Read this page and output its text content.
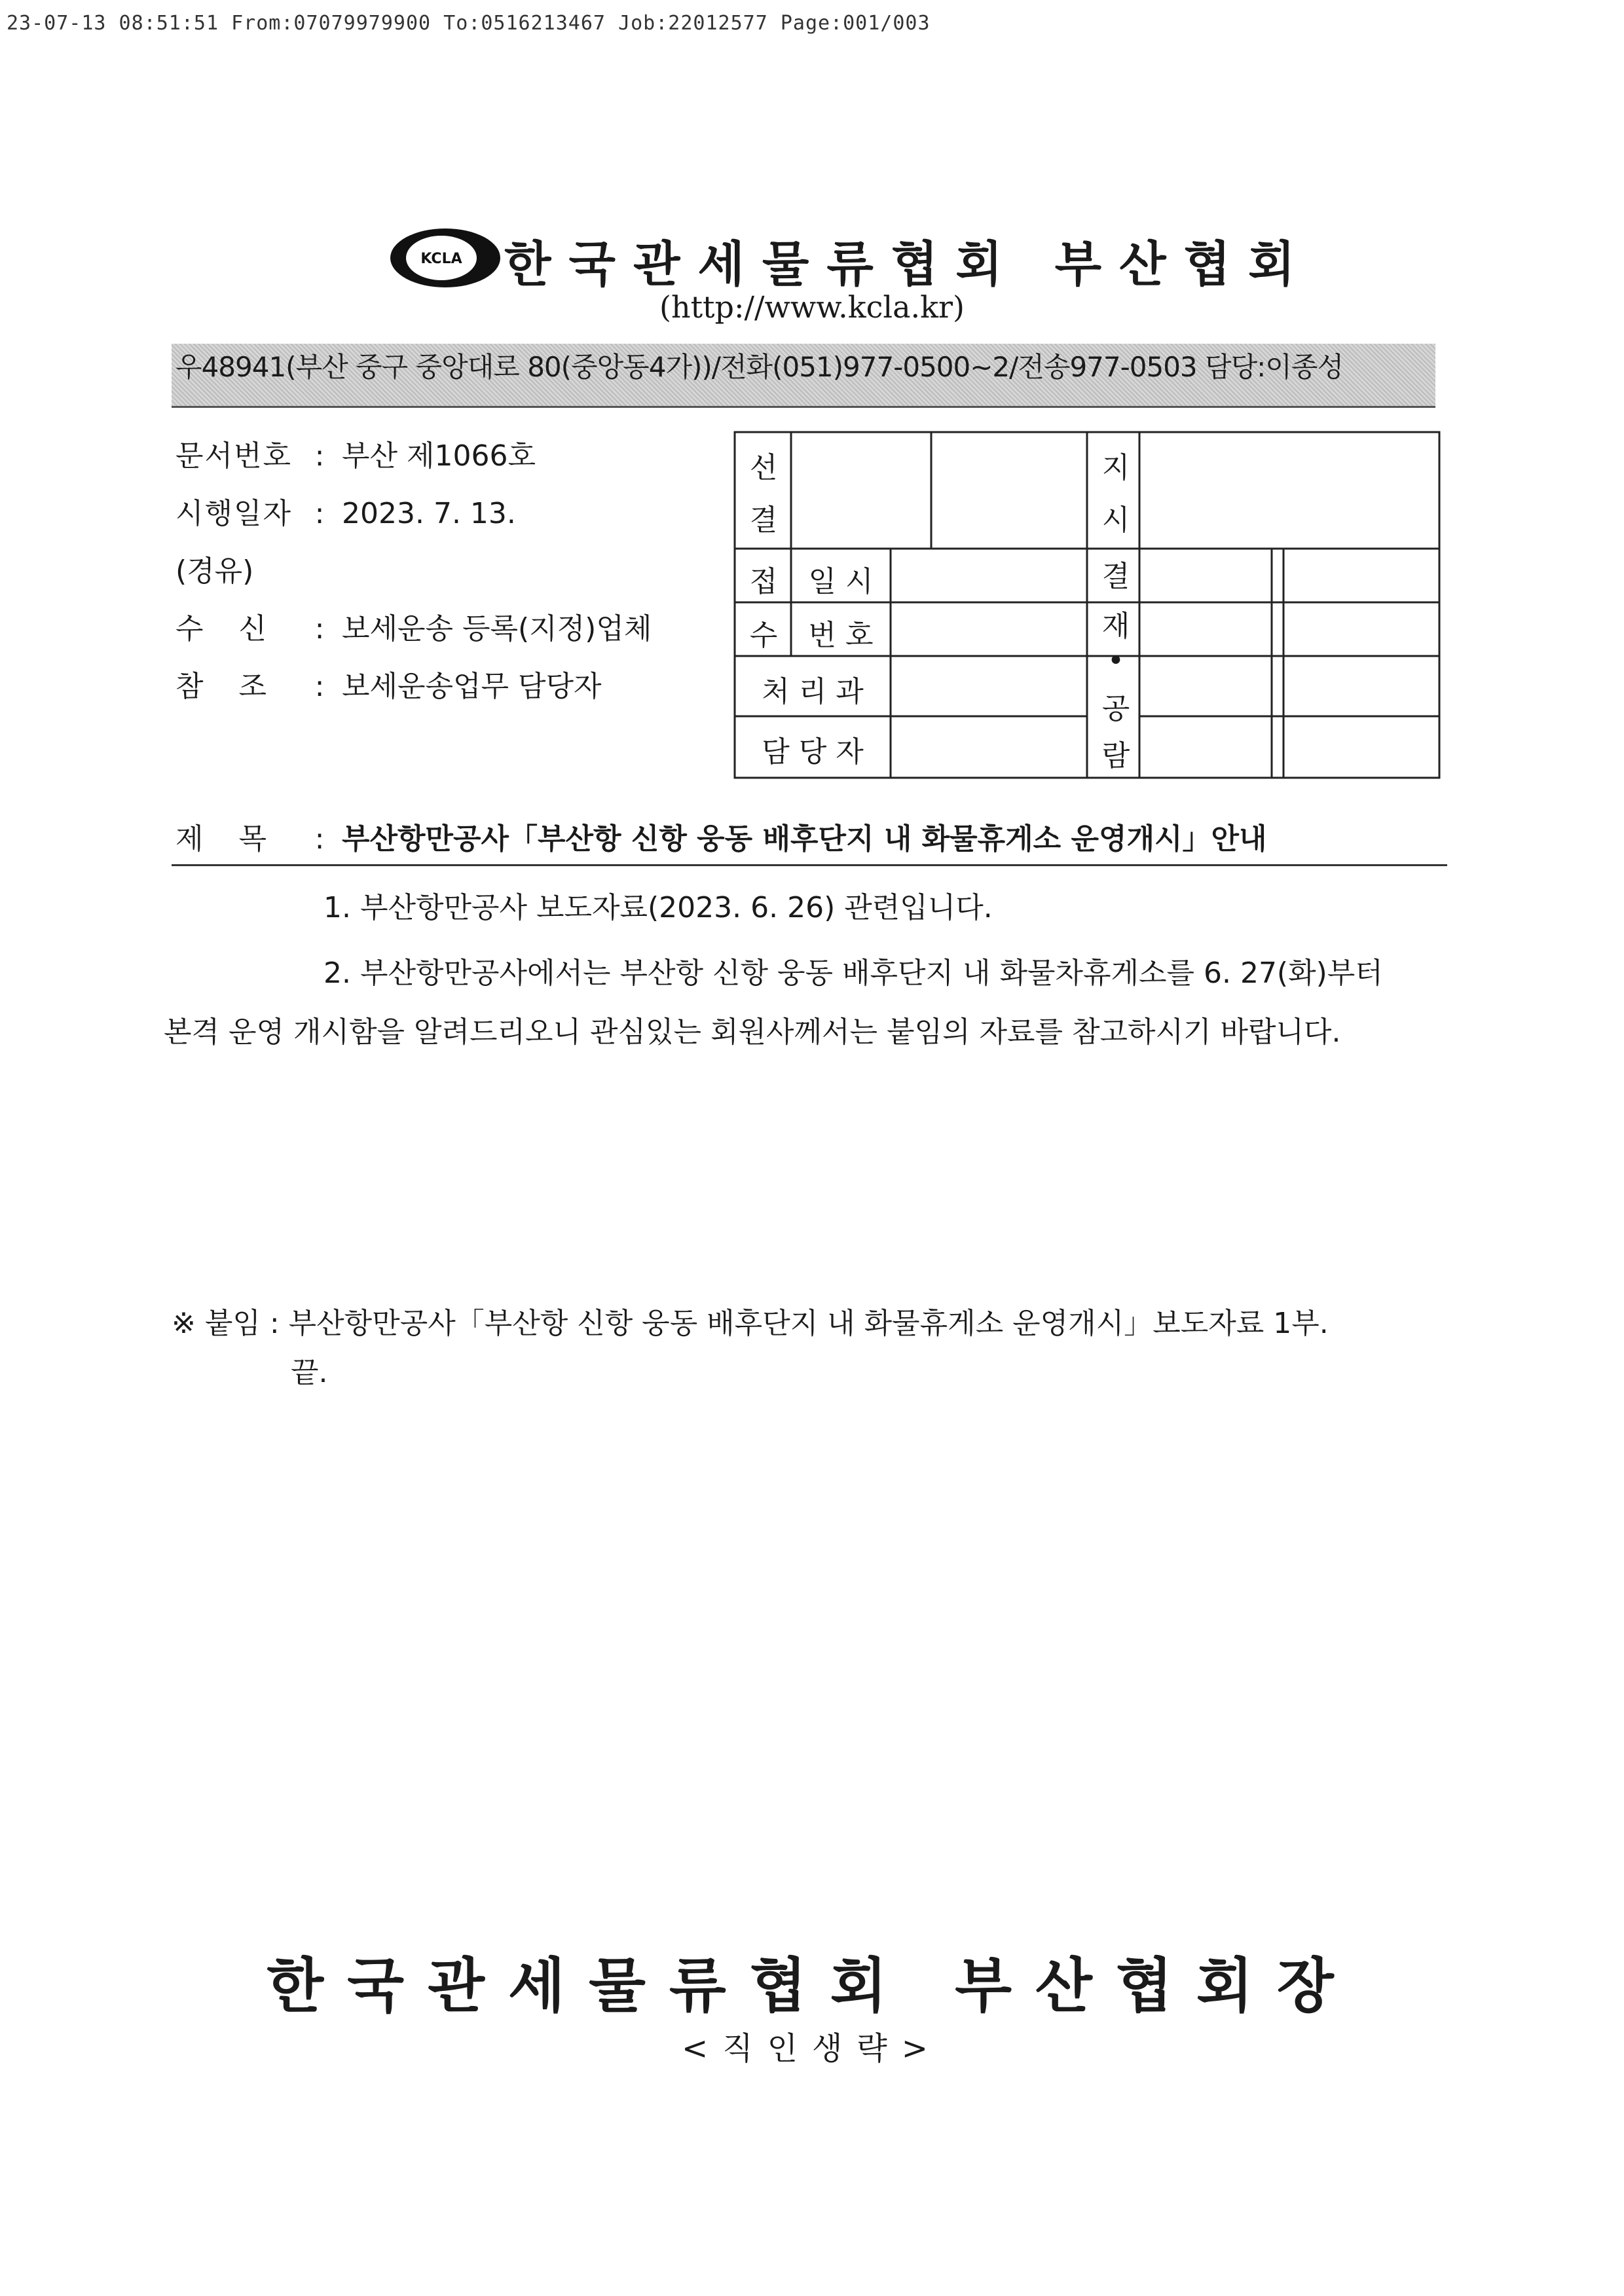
23-07-13 08:51:51 From:07079979900 To:0516213467 Job:22012577 Page:001/003
KCLA 한국관세물류협회 부산협회
(http://www.kcla.kr)
우48941(부산 중구 중앙대로 80(중앙동4가))/전화(051)977-0500~2/전송977-0503 담당:이종성
문서번호 : 부산 제1066호
시행일자 : 2023. 7. 13.
(경유)
수신 : 보세운송 등록(지정)업체
참조 : 보세운송업무 담당자
선
결
지
시
접
수
일 시
번 호
처 리 과
담 당 자
결
재
•
공
람
제목 : 부산항만공사「부산항 신항 웅동 배후단지 내 화물휴게소 운영개시」안내
1. 부산항만공사 보도자료(2023. 6. 26) 관련입니다.
2. 부산항만공사에서는 부산항 신항 웅동 배후단지 내 화물차휴게소를 6. 27(화)부터
본격 운영 개시함을 알려드리오니 관심있는 회원사께서는 붙임의 자료를 참고하시기 바랍니다.
※ 붙임 : 부산항만공사「부산항 신항 웅동 배후단지 내 화물휴게소 운영개시」보도자료 1부.
끝.
한국관세물류협회 부산협회장
<직인생략>
